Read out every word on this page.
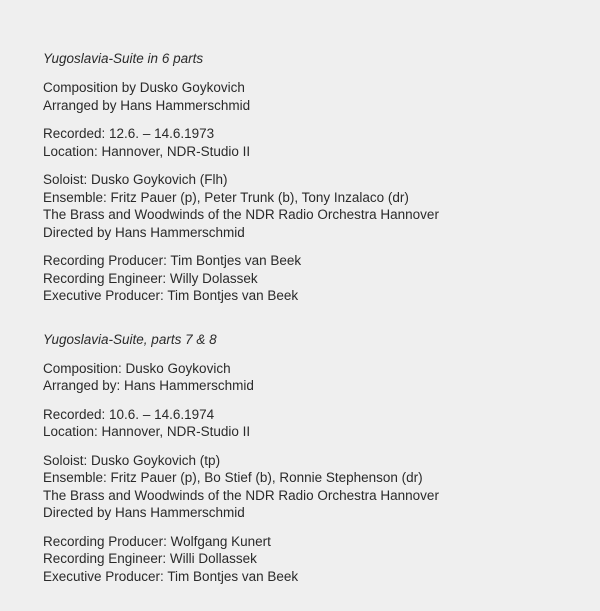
Yugoslavia-Suite in 6 parts
Composition by Dusko Goykovich
Arranged by Hans Hammerschmid
Recorded: 12.6. – 14.6.1973
Location: Hannover, NDR-Studio II
Soloist: Dusko Goykovich (Flh)
Ensemble: Fritz Pauer (p), Peter Trunk (b), Tony Inzalaco (dr)
The Brass and Woodwinds of the NDR Radio Orchestra Hannover
Directed by Hans Hammerschmid
Recording Producer: Tim Bontjes van Beek
Recording Engineer: Willy Dolassek
Executive Producer: Tim Bontjes van Beek
Yugoslavia-Suite, parts 7 & 8
Composition: Dusko Goykovich
Arranged by: Hans Hammerschmid
Recorded: 10.6. – 14.6.1974
Location: Hannover, NDR-Studio II
Soloist: Dusko Goykovich (tp)
Ensemble: Fritz Pauer (p), Bo Stief (b), Ronnie Stephenson (dr)
The Brass and Woodwinds of the NDR Radio Orchestra Hannover
Directed by Hans Hammerschmid
Recording Producer: Wolfgang Kunert
Recording Engineer: Willi Dollassek
Executive Producer: Tim Bontjes van Beek
